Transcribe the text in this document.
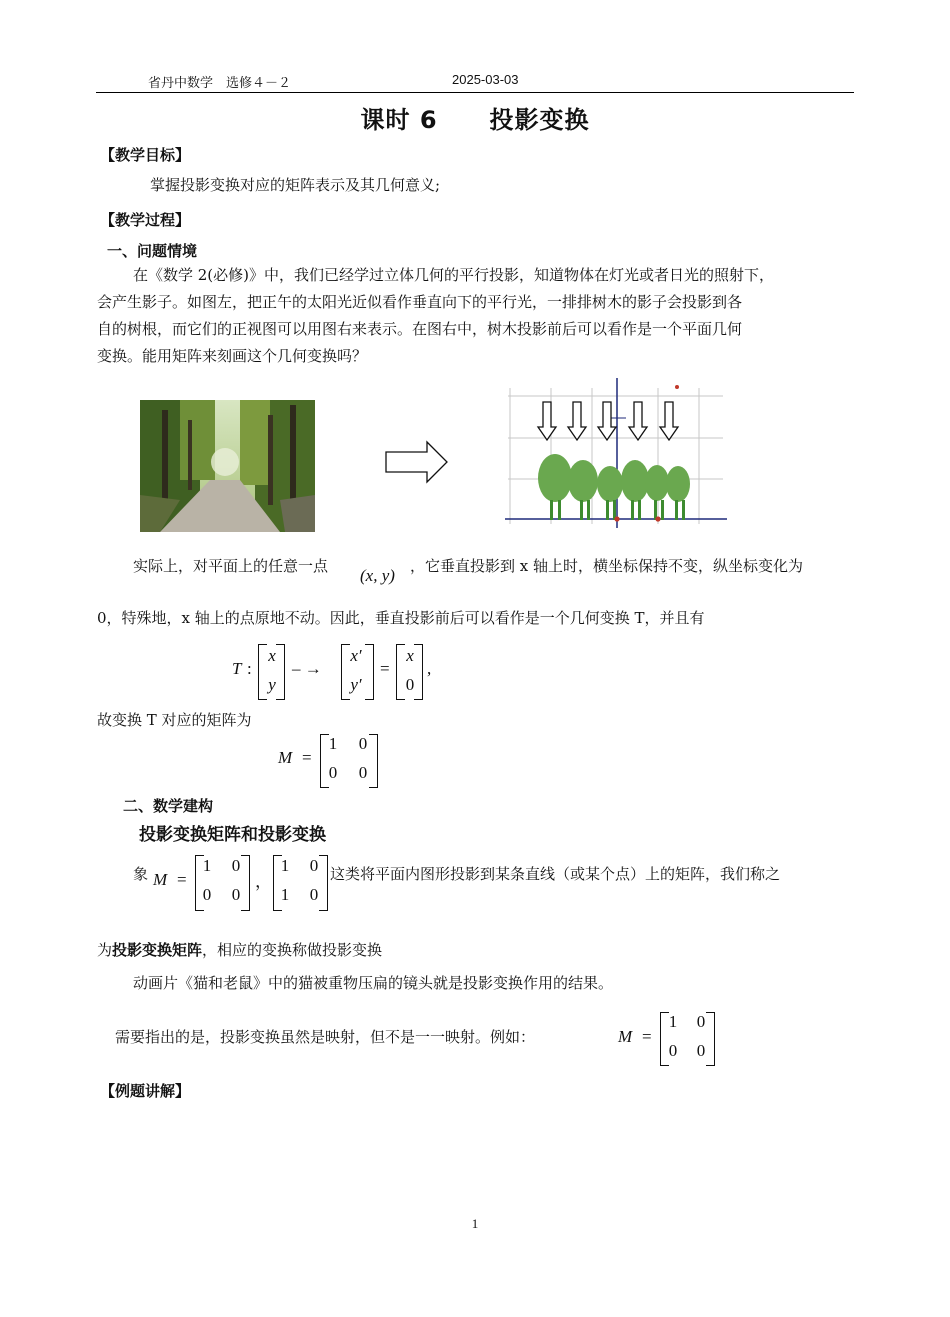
省丹中数学　选修４－２	2025-03-03
课时 6 投影变换
【教学目标】
掌握投影变换对应的矩阵表示及其几何意义;
【教学过程】
一、问题情境
在《数学 2(必修)》中，我们已经学过立体几何的平行投影，知道物体在灯光或者日光的照射下，
会产生影子。如图左，把正午的太阳光近似看作垂直向下的平行光，一排排树木的影子会投影到各
自的树根，而它们的正视图可以用图右来表示。在图右中，树木投影前后可以看作是一个平面几何
变换。能用矩阵来刻画这个几何变换吗？
实际上，对平面上的任意一点 (x, y) ，它垂直投影到 x 轴上时，横坐标保持不变，纵坐标变化为
0，特殊地，x 轴上的点原地不动。因此，垂直投影前后可以看作是一个几何变换 T，并且有
T :
x
y
– →
x′
y′
=
x
0
,
故变换 T 对应的矩阵为
M =
1	0
0	0
二、数学建构
投影变换矩阵和投影变换
象 M =
1	0
0	0
，
1	0
1	0
这类将平面内图形投影到某条直线（或某个点）上的矩阵，我们称之
为投影变换矩阵，相应的变换称做投影变换
动画片《猫和老鼠》中的猫被重物压扁的镜头就是投影变换作用的结果。
需要指出的是，投影变换虽然是映射，但不是一一映射。例如：	M =
1	0
0	0
【例题讲解】
1
